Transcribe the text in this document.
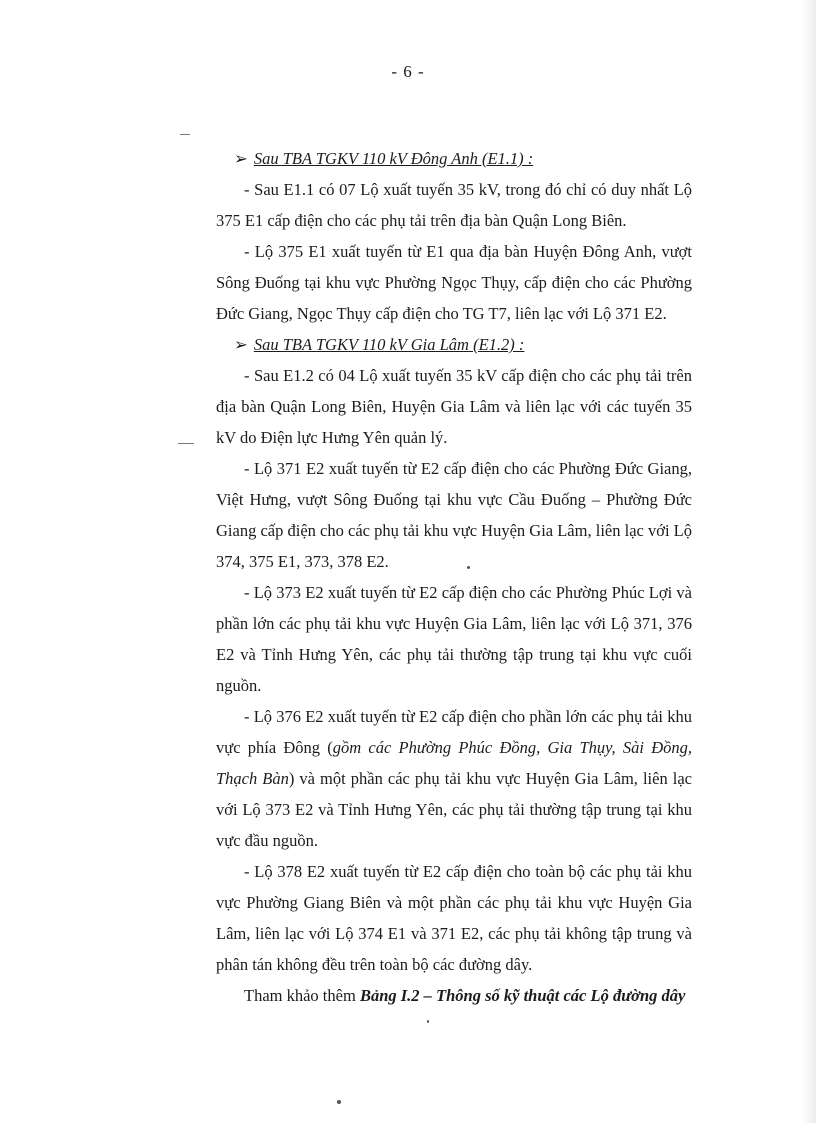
- 6 -

➢ Sau TBA TGKV 110 kV Đông Anh (E1.1) :

- Sau E1.1 có 07 Lộ xuất tuyến 35 kV, trong đó chỉ có duy nhất Lộ 375 E1 cấp điện cho các phụ tải trên địa bàn Quận Long Biên.

- Lộ 375 E1 xuất tuyến từ E1 qua địa bàn Huyện Đông Anh, vượt Sông Đuống tại khu vực Phường Ngọc Thụy, cấp điện cho các Phường Đức Giang, Ngọc Thụy cấp điện cho TG T7, liên lạc với Lộ 371 E2.

➢ Sau TBA TGKV 110 kV Gia Lâm (E1.2) :

- Sau E1.2 có 04 Lộ xuất tuyến 35 kV cấp điện cho các phụ tải trên địa bàn Quận Long Biên, Huyện Gia Lâm và liên lạc với các tuyến 35 kV do Điện lực Hưng Yên quản lý.

- Lộ 371 E2 xuất tuyến từ E2 cấp điện cho các Phường Đức Giang, Việt Hưng, vượt Sông Đuống tại khu vực Cầu Đuống – Phường Đức Giang cấp điện cho các phụ tải khu vực Huyện Gia Lâm, liên lạc với Lộ 374, 375 E1, 373, 378 E2.

- Lộ 373 E2 xuất tuyến từ E2 cấp điện cho các Phường Phúc Lợi và phần lớn các phụ tải khu vực Huyện Gia Lâm, liên lạc với Lộ 371, 376 E2 và Tỉnh Hưng Yên, các phụ tải thường tập trung tại khu vực cuối nguồn.

- Lộ 376 E2 xuất tuyến từ E2 cấp điện cho phần lớn các phụ tải khu vực phía Đông (gồm các Phường Phúc Đồng, Gia Thụy, Sài Đồng, Thạch Bàn) và một phần các phụ tải khu vực Huyện Gia Lâm, liên lạc với Lộ 373 E2 và Tỉnh Hưng Yên, các phụ tải thường tập trung tại khu vực đầu nguồn.

- Lộ 378 E2 xuất tuyến từ E2 cấp điện cho toàn bộ các phụ tải khu vực Phường Giang Biên và một phần các phụ tải khu vực Huyện Gia Lâm, liên lạc với Lộ 374 E1 và 371 E2, các phụ tải không tập trung và phân tán không đều trên toàn bộ các đường dây.

Tham khảo thêm Bảng I.2 – Thông số kỹ thuật các Lộ đường dây
